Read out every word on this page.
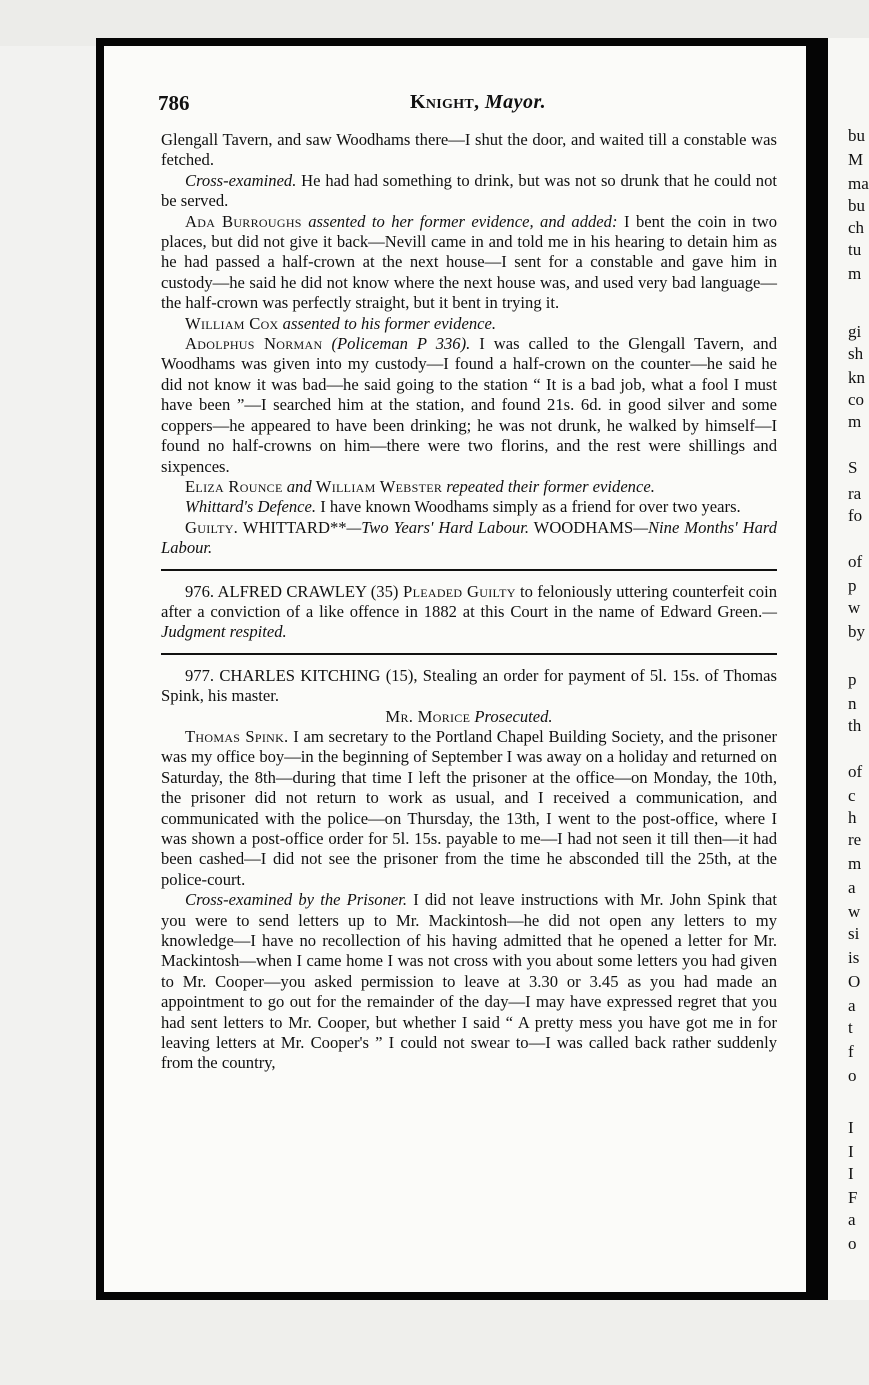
786	Knight, Mayor.

Glengall Tavern, and saw Woodhams there—I shut the door, and waited till a constable was fetched.

Cross-examined. He had had something to drink, but was not so drunk that he could not be served.

Ada Burroughs assented to her former evidence, and added: I bent the coin in two places, but did not give it back—Nevill came in and told me in his hearing to detain him as he had passed a half-crown at the next house—I sent for a constable and gave him in custody—he said he did not know where the next house was, and used very bad language—the half-crown was perfectly straight, but it bent in trying it.

William Cox assented to his former evidence.

Adolphus Norman (Policeman P 336). I was called to the Glengall Tavern, and Woodhams was given into my custody—I found a half-crown on the counter—he said he did not know it was bad—he said going to the station “ It is a bad job, what a fool I must have been ”—I searched him at the station, and found 21s. 6d. in good silver and some coppers—he appeared to have been drinking; he was not drunk, he walked by himself—I found no half-crowns on him—there were two florins, and the rest were shillings and sixpences.

Eliza Rounce and William Webster repeated their former evidence.

Whittard's Defence. I have known Woodhams simply as a friend for over two years.

Guilty. WHITTARD**—Two Years' Hard Labour. WOODHAMS—Nine Months' Hard Labour.

976. ALFRED CRAWLEY (35) Pleaded Guilty to feloniously uttering counterfeit coin after a conviction of a like offence in 1882 at this Court in the name of Edward Green.—Judgment respited.

977. CHARLES KITCHING (15), Stealing an order for payment of 5l. 15s. of Thomas Spink, his master.

Mr. Morice Prosecuted.

Thomas Spink. I am secretary to the Portland Chapel Building Society, and the prisoner was my office boy—in the beginning of September I was away on a holiday and returned on Saturday, the 8th—during that time I left the prisoner at the office—on Monday, the 10th, the prisoner did not return to work as usual, and I received a communication, and communicated with the police—on Thursday, the 13th, I went to the post-office, where I was shown a post-office order for 5l. 15s. payable to me—I had not seen it till then—it had been cashed—I did not see the prisoner from the time he absconded till the 25th, at the police-court.

Cross-examined by the Prisoner. I did not leave instructions with Mr. John Spink that you were to send letters up to Mr. Mackintosh—he did not open any letters to my knowledge—I have no recollection of his having admitted that he opened a letter for Mr. Mackintosh—when I came home I was not cross with you about some letters you had given to Mr. Cooper—you asked permission to leave at 3.30 or 3.45 as you had made an appointment to go out for the remainder of the day—I may have expressed regret that you had sent letters to Mr. Cooper, but whether I said “ A pretty mess you have got me in for leaving letters at Mr. Cooper's ” I could not swear to—I was called back rather suddenly from the country,

bu
M
ma
bu
ch
tu
m
gi
sh
kn
co
m
S
ra
fo
of
p
w
by
p
n
th
of
c
h
re
m
a
w
si
is
O
a
t
f
o
I
I
I
F
a
o
